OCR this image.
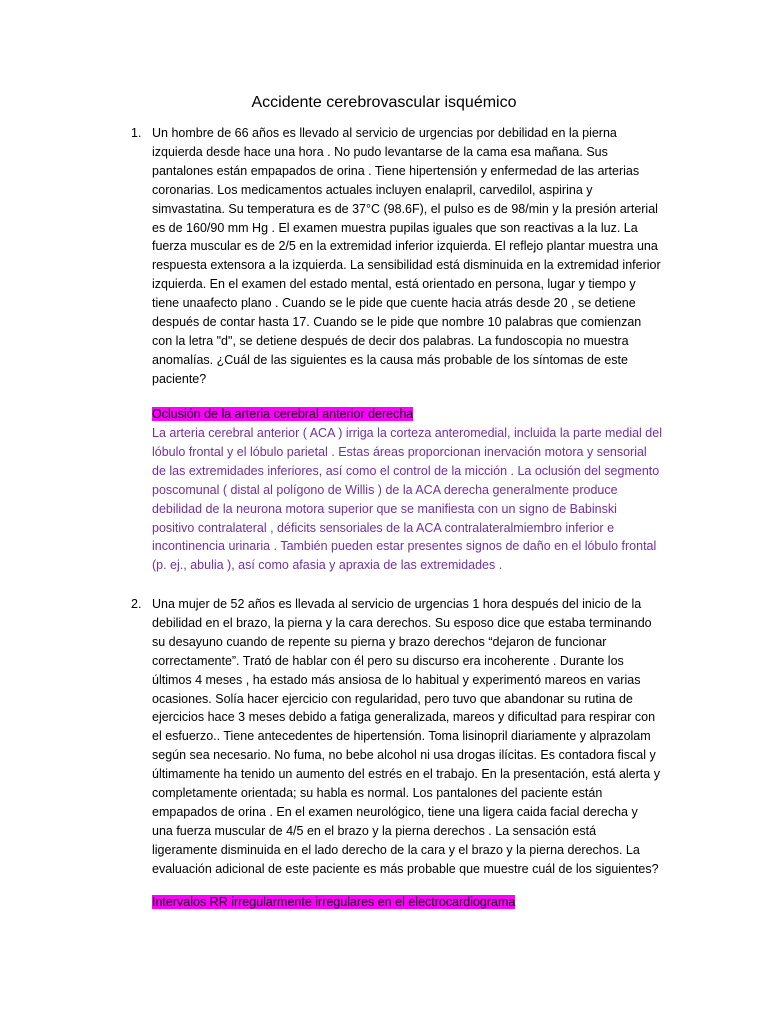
Accidente cerebrovascular isquémico
1. Un hombre de 66 años es llevado al servicio de urgencias por debilidad en la pierna izquierda desde hace una hora . No pudo levantarse de la cama esa mañana. Sus pantalones están empapados de orina . Tiene hipertensión y enfermedad de las arterias coronarias. Los medicamentos actuales incluyen enalapril, carvedilol, aspirina y simvastatina. Su temperatura es de 37°C (98.6F), el pulso es de 98/min y la presión arterial es de 160/90 mm Hg . El examen muestra pupilas iguales que son reactivas a la luz. La fuerza muscular es de 2/5 en la extremidad inferior izquierda. El reflejo plantar muestra una respuesta extensora a la izquierda. La sensibilidad está disminuida en la extremidad inferior izquierda. En el examen del estado mental, está orientado en persona, lugar y tiempo y tiene unaafecto plano . Cuando se le pide que cuente hacia atrás desde 20 , se detiene después de contar hasta 17. Cuando se le pide que nombre 10 palabras que comienzan con la letra "d", se detiene después de decir dos palabras. La fundoscopia no muestra anomalías. ¿Cuál de las siguientes es la causa más probable de los síntomas de este paciente?

Oclusión de la arteria cerebral anterior derecha

La arteria cerebral anterior ( ACA ) irriga la corteza anteromedial, incluida la parte medial del lóbulo frontal y el lóbulo parietal . Estas áreas proporcionan inervación motora y sensorial de las extremidades inferiores, así como el control de la micción . La oclusión del segmento poscomunal ( distal al polígono de Willis ) de la ACA derecha generalmente produce debilidad de la neurona motora superior que se manifiesta con un signo de Babinski positivo contralateral , déficits sensoriales de la ACA contralateralmiembro inferior e incontinencia urinaria . También pueden estar presentes signos de daño en el lóbulo frontal (p. ej., abulia ), así como afasia y apraxia de las extremidades .

2. Una mujer de 52 años es llevada al servicio de urgencias 1 hora después del inicio de la debilidad en el brazo, la pierna y la cara derechos. Su esposo dice que estaba terminando su desayuno cuando de repente su pierna y brazo derechos “dejaron de funcionar correctamente”. Trató de hablar con él pero su discurso era incoherente . Durante los últimos 4 meses , ha estado más ansiosa de lo habitual y experimentó mareos en varias ocasiones. Solía hacer ejercicio con regularidad, pero tuvo que abandonar su rutina de ejercicios hace 3 meses debido a fatiga generalizada, mareos y dificultad para respirar con el esfuerzo.. Tiene antecedentes de hipertensión. Toma lisinopril diariamente y alprazolam según sea necesario. No fuma, no bebe alcohol ni usa drogas ilícitas. Es contadora fiscal y últimamente ha tenido un aumento del estrés en el trabajo. En la presentación, está alerta y completamente orientada; su habla es normal. Los pantalones del paciente están empapados de orina . En el examen neurológico, tiene una ligera caida facial derecha y una fuerza muscular de 4/5 en el brazo y la pierna derechos . La sensación está ligeramente disminuida en el lado derecho de la cara y el brazo y la pierna derechos. La evaluación adicional de este paciente es más probable que muestre cuál de los siguientes?

Intervalos RR irregularmente irregulares en el electrocardiograma
